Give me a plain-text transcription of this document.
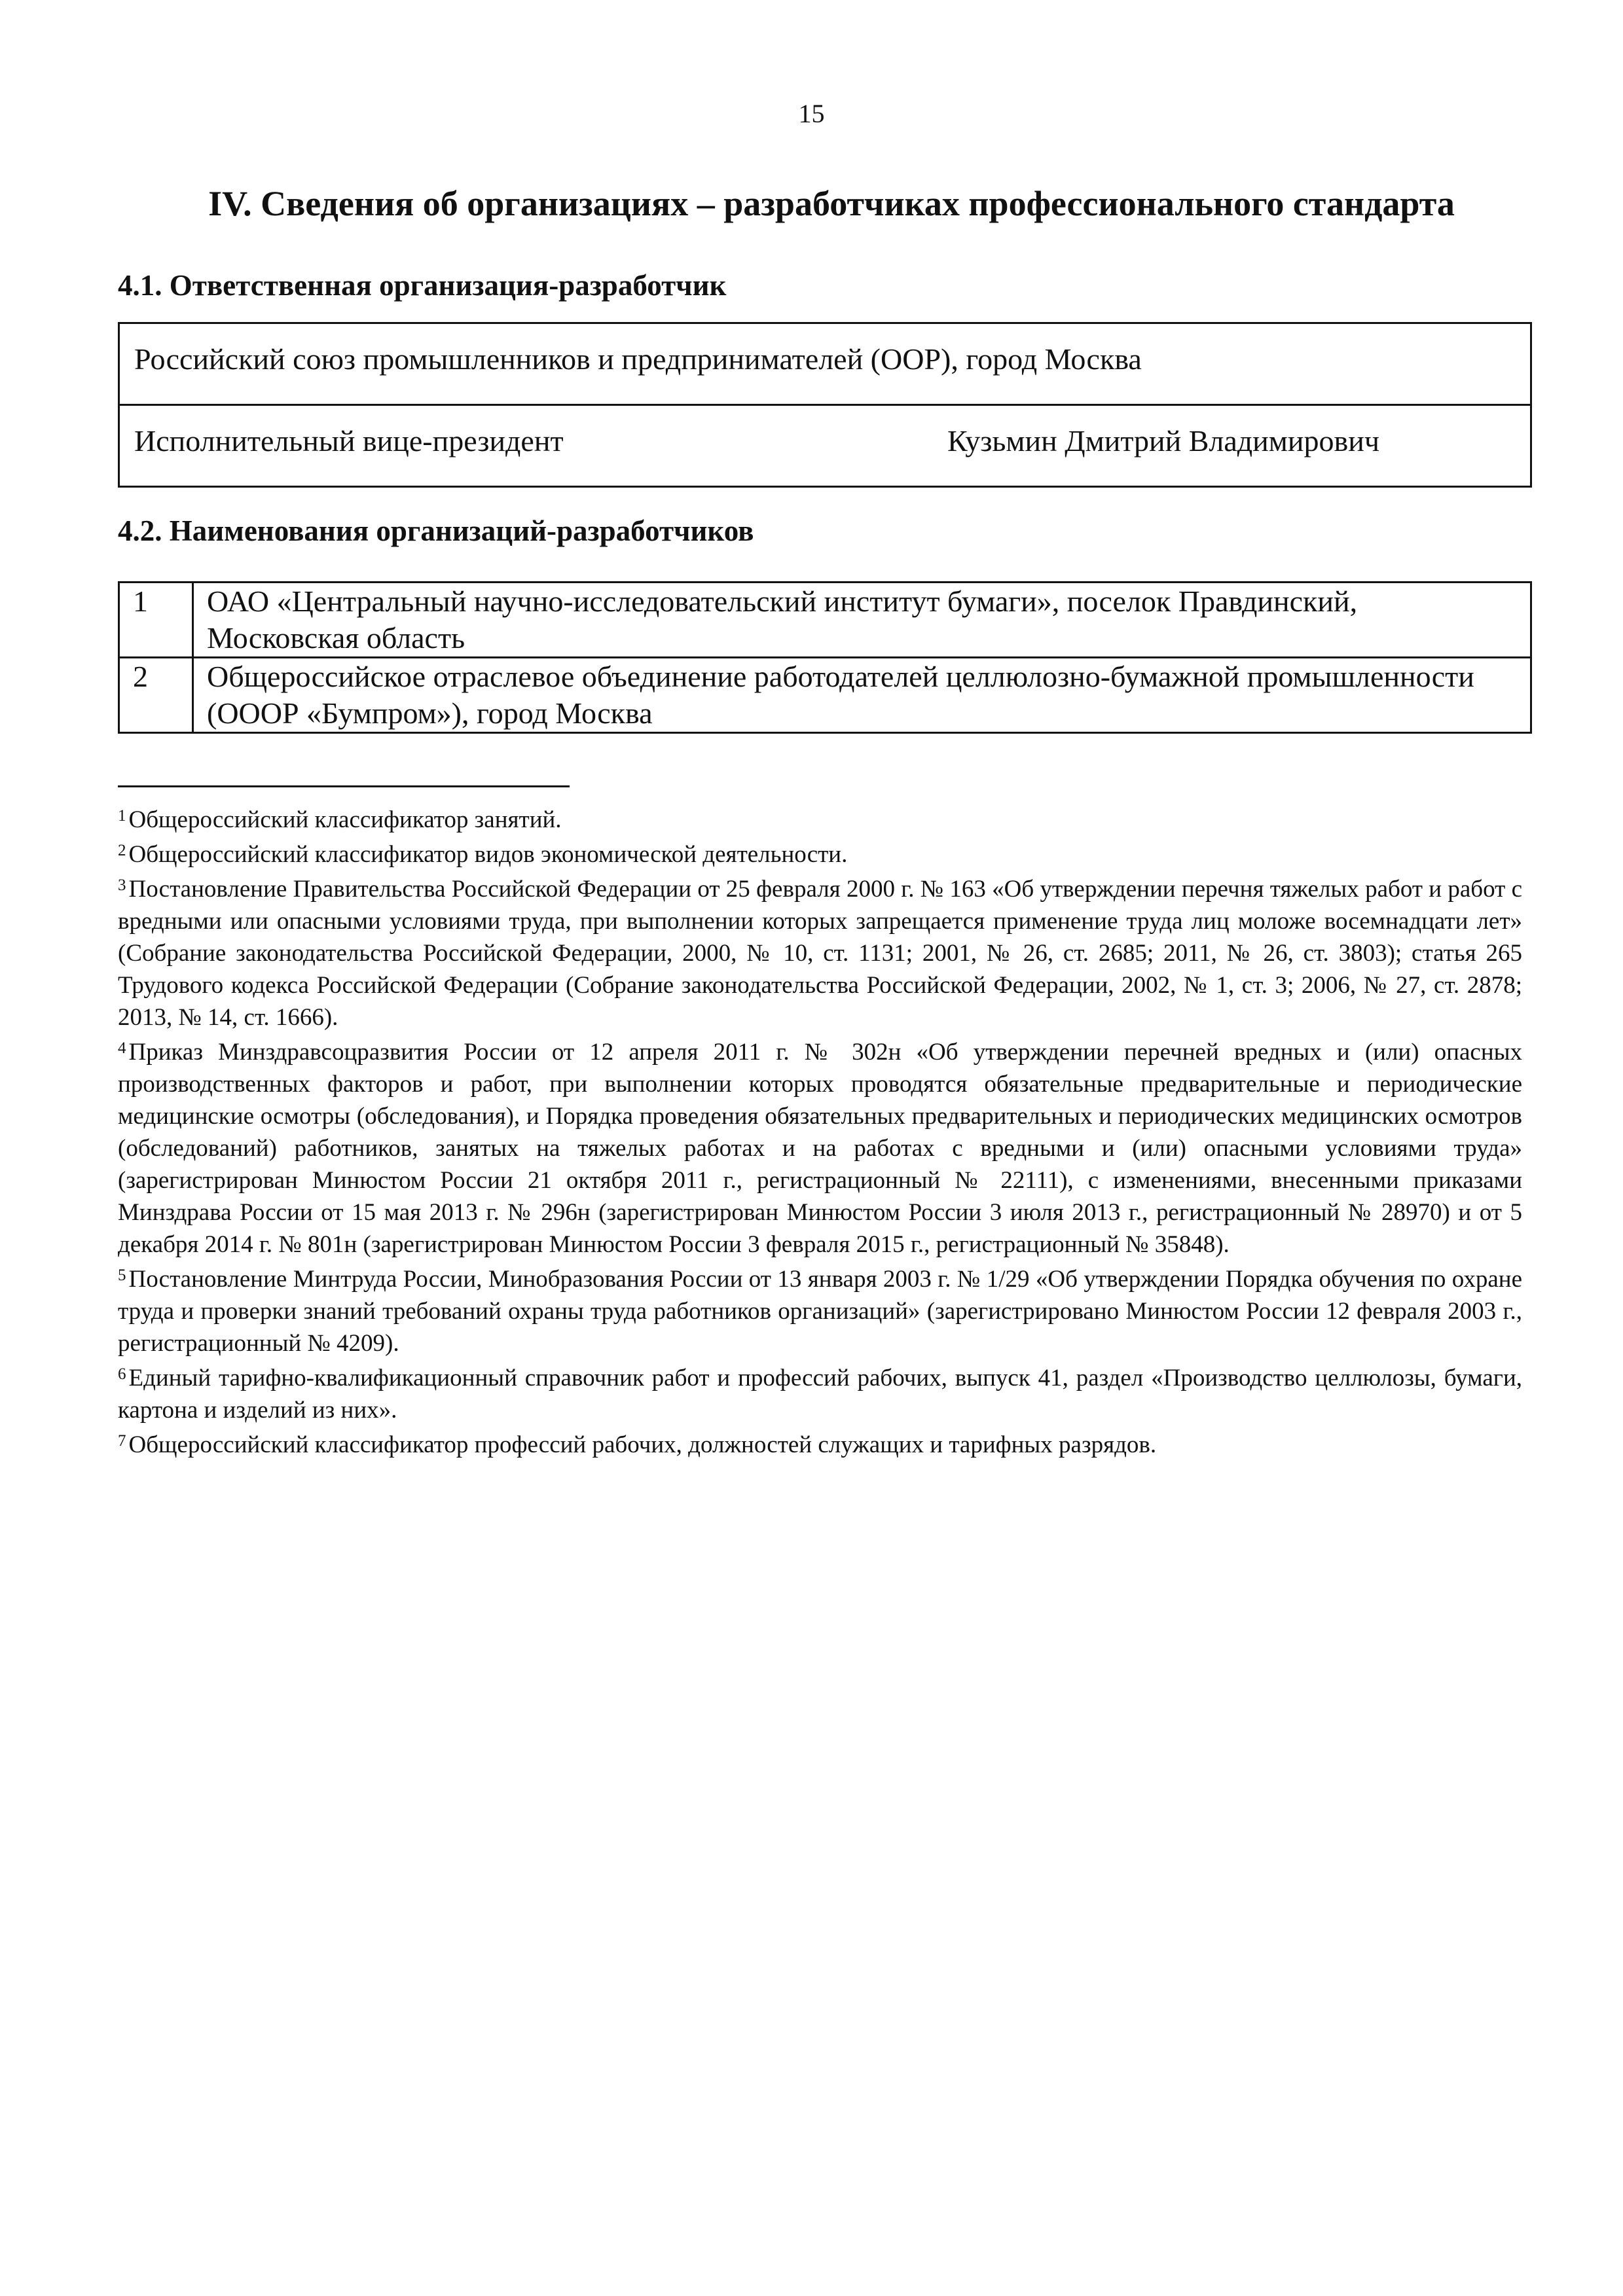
15
IV. Сведения об организациях – разработчиках профессионального стандарта
4.1. Ответственная организация-разработчик
Российский союз промышленников и предпринимателей (ООР), город Москва
Исполнительный вице-президент	Кузьмин Дмитрий Владимирович
4.2. Наименования организаций-разработчиков
1	ОАО «Центральный научно-исследовательский институт бумаги», поселок Правдинский, Московская область
2	Общероссийское отраслевое объединение работодателей целлюлозно-бумажной промышленности (ОООР «Бумпром»), город Москва

$^1$ Общероссийский классификатор занятий.

$^2$ Общероссийский классификатор видов экономической деятельности.

$^3$ Постановление Правительства Российской Федерации от 25 февраля 2000 г. № 163 «Об утверждении перечня тяжелых работ и работ с вредными или опасными условиями труда, при выполнении которых запрещается применение труда лиц моложе восемнадцати лет» (Собрание законодательства Российской Федерации, 2000, № 10, ст. 1131; 2001, № 26, ст. 2685; 2011, № 26, ст. 3803); статья 265 Трудового кодекса Российской Федерации (Собрание законодательства Российской Федерации, 2002, № 1, ст. 3; 2006, № 27, ст. 2878; 2013, № 14, ст. 1666).

$^4$ Приказ Минздравсоцразвития России от 12 апреля 2011 г. № 302н «Об утверждении перечней вредных и (или) опасных производственных факторов и работ, при выполнении которых проводятся обязательные предварительные и периодические медицинские осмотры (обследования), и Порядка проведения обязательных предварительных и периодических медицинских осмотров (обследований) работников, занятых на тяжелых работах и на работах с вредными и (или) опасными условиями труда» (зарегистрирован Минюстом России 21 октября 2011 г., регистрационный № 22111), с изменениями, внесенными приказами Минздрава России от 15 мая 2013 г. № 296н (зарегистрирован Минюстом России 3 июля 2013 г., регистрационный № 28970) и от 5 декабря 2014 г. № 801н (зарегистрирован Минюстом России 3 февраля 2015 г., регистрационный № 35848).

$^5$ Постановление Минтруда России, Минобразования России от 13 января 2003 г. № 1/29 «Об утверждении Порядка обучения по охране труда и проверки знаний требований охраны труда работников организаций» (зарегистрировано Минюстом России 12 февраля 2003 г., регистрационный № 4209).

$^6$ Единый тарифно-квалификационный справочник работ и профессий рабочих, выпуск 41, раздел «Производство целлюлозы, бумаги, картона и изделий из них».

$^7$ Общероссийский классификатор профессий рабочих, должностей служащих и тарифных разрядов.
